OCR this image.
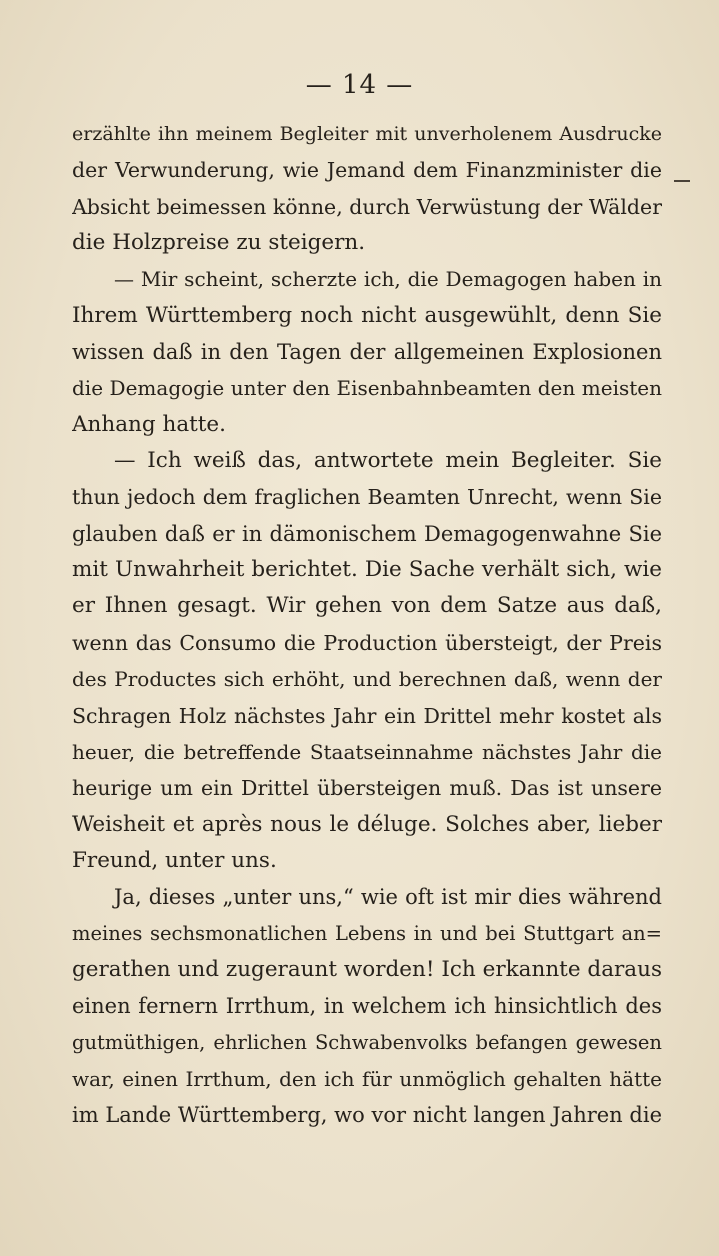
— 14 —
erzählte ihn meinem Begleiter mit unverholenem Ausdrucke
der Verwunderung, wie Jemand dem Finanzminister die
Absicht beimessen könne, durch Verwüstung der Wälder
die Holzpreise zu steigern.
— Mir scheint, scherzte ich, die Demagogen haben in
Ihrem Württemberg noch nicht ausgewühlt, denn Sie
wissen daß in den Tagen der allgemeinen Explosionen
die Demagogie unter den Eisenbahnbeamten den meisten
Anhang hatte.
— Ich weiß das, antwortete mein Begleiter. Sie
thun jedoch dem fraglichen Beamten Unrecht, wenn Sie
glauben daß er in dämonischem Demagogenwahne Sie
mit Unwahrheit berichtet. Die Sache verhält sich, wie
er Ihnen gesagt. Wir gehen von dem Satze aus daß,
wenn das Consumo die Production übersteigt, der Preis
des Productes sich erhöht, und berechnen daß, wenn der
Schragen Holz nächstes Jahr ein Drittel mehr kostet als
heuer, die betreffende Staatseinnahme nächstes Jahr die
heurige um ein Drittel übersteigen muß. Das ist unsere
Weisheit et après nous le déluge. Solches aber, lieber
Freund, unter uns.
Ja, dieses „unter uns,“ wie oft ist mir dies während
meines sechsmonatlichen Lebens in und bei Stuttgart an=
gerathen und zugeraunt worden! Ich erkannte daraus
einen fernern Irrthum, in welchem ich hinsichtlich des
gutmüthigen, ehrlichen Schwabenvolks befangen gewesen
war, einen Irrthum, den ich für unmöglich gehalten hätte
im Lande Württemberg, wo vor nicht langen Jahren die
